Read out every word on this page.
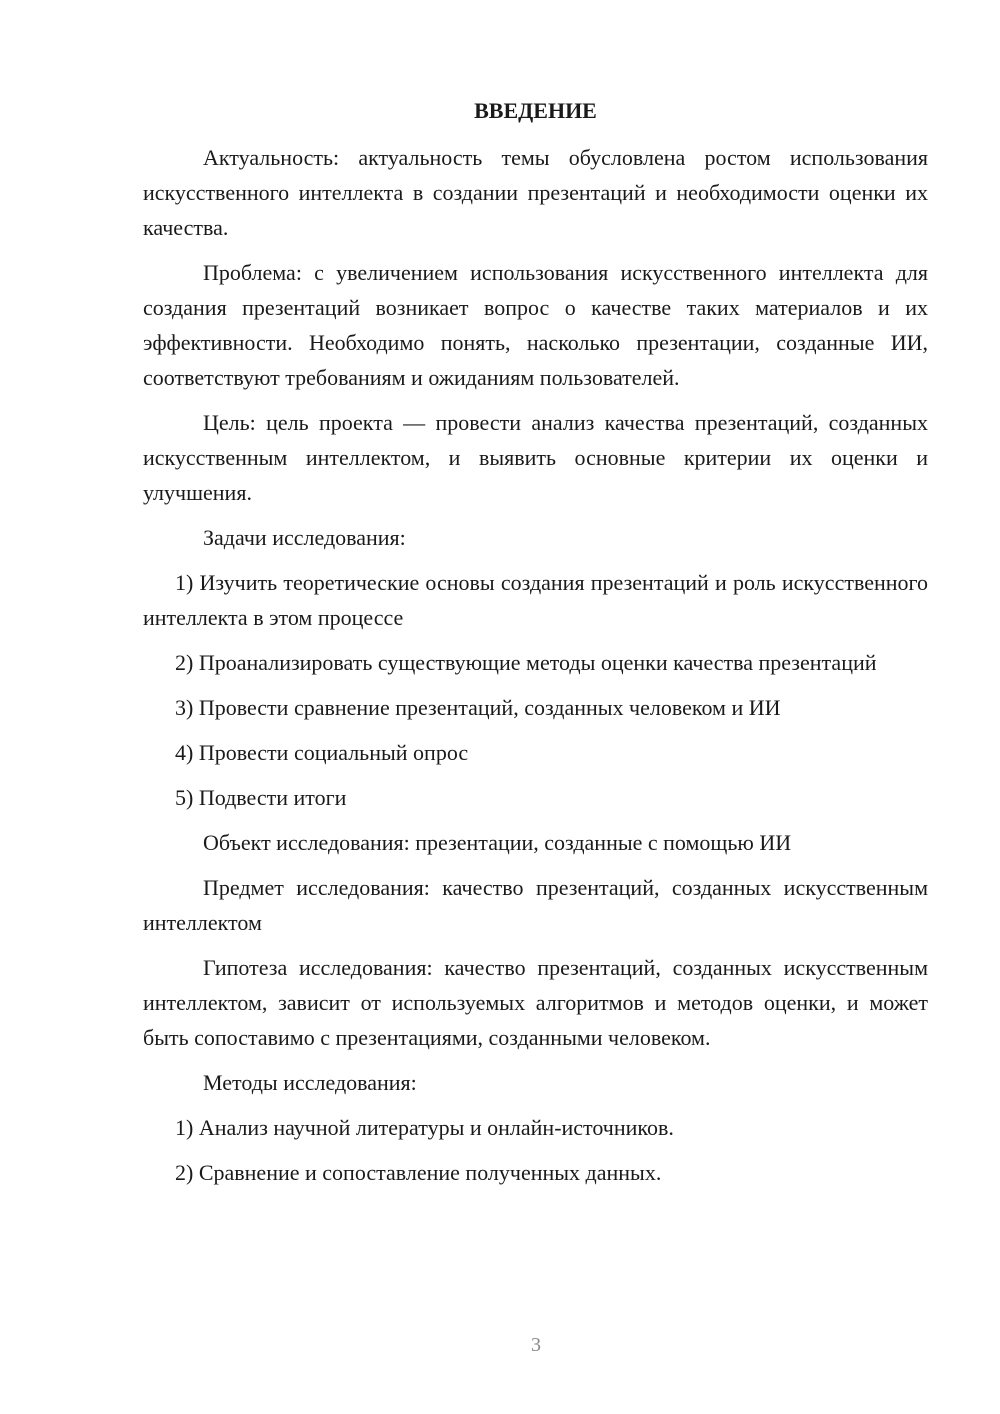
ВВЕДЕНИЕ

Актуальность: актуальность темы обусловлена ростом использования искусственного интеллекта в создании презентаций и необходимости оценки их качества.

Проблема: с увеличением использования искусственного интеллекта для создания презентаций возникает вопрос о качестве таких материалов и их эффективности. Необходимо понять, насколько презентации, созданные ИИ, соответствуют требованиям и ожиданиям пользователей.

Цель: цель проекта — провести анализ качества презентаций, созданных искусственным интеллектом, и выявить основные критерии их оценки и улучшения.

Задачи исследования:

1) Изучить теоретические основы создания презентаций и роль искусственного интеллекта в этом процессе

2) Проанализировать существующие методы оценки качества презентаций

3) Провести сравнение презентаций, созданных человеком и ИИ

4) Провести социальный опрос

5) Подвести итоги

Объект исследования: презентации, созданные с помощью ИИ

Предмет исследования: качество презентаций, созданных искусственным интеллектом

Гипотеза исследования: качество презентаций, созданных искусственным интеллектом, зависит от используемых алгоритмов и методов оценки, и может быть сопоставимо с презентациями, созданными человеком.

Методы исследования:

1) Анализ научной литературы и онлайн-источников.

2) Сравнение и сопоставление полученных данных.

3
